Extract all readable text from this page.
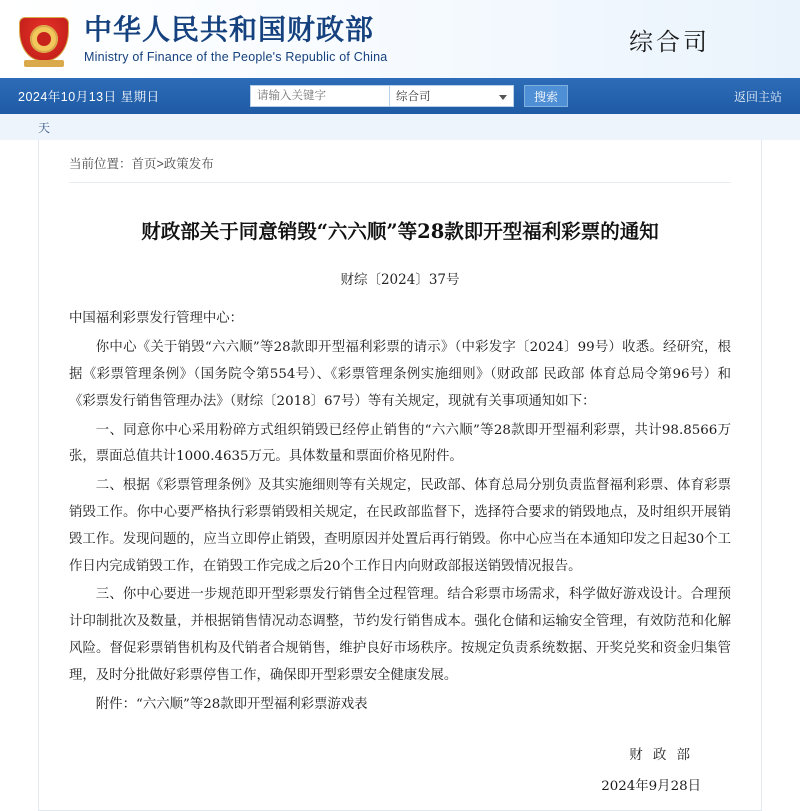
中华人民共和国财政部
Ministry of Finance of the People's Republic of China
综合司
2024年10月13日 星期日
请输入关键字	综合司	搜索	返回主站
天
当前位置：首页>政策发布
财政部关于同意销毁“六六顺”等28款即开型福利彩票的通知
财综〔2024〕37号

中国福利彩票发行管理中心：

你中心《关于销毁“六六顺”等28款即开型福利彩票的请示》（中彩发字〔2024〕99号）收悉。经研究，根据《彩票管理条例》（国务院令第554号）、《彩票管理条例实施细则》（财政部 民政部 体育总局令第96号）和《彩票发行销售管理办法》（财综〔2018〕67号）等有关规定，现就有关事项通知如下：

一、同意你中心采用粉碎方式组织销毁已经停止销售的“六六顺”等28款即开型福利彩票，共计98.8566万张，票面总值共计1000.4635万元。具体数量和票面价格见附件。

二、根据《彩票管理条例》及其实施细则等有关规定，民政部、体育总局分别负责监督福利彩票、体育彩票销毁工作。你中心要严格执行彩票销毁相关规定，在民政部监督下，选择符合要求的销毁地点，及时组织开展销毁工作。发现问题的，应当立即停止销毁，查明原因并处置后再行销毁。你中心应当在本通知印发之日起30个工作日内完成销毁工作，在销毁工作完成之后20个工作日内向财政部报送销毁情况报告。

三、你中心要进一步规范即开型彩票发行销售全过程管理。结合彩票市场需求，科学做好游戏设计。合理预计印制批次及数量，并根据销售情况动态调整，节约发行销售成本。强化仓储和运输安全管理，有效防范和化解风险。督促彩票销售机构及代销者合规销售，维护良好市场秩序。按规定负责系统数据、开奖兑奖和资金归集管理，及时分批做好彩票停售工作，确保即开型彩票安全健康发展。

附件：“六六顺”等28款即开型福利彩票游戏表

财 政 部
2024年9月28日
